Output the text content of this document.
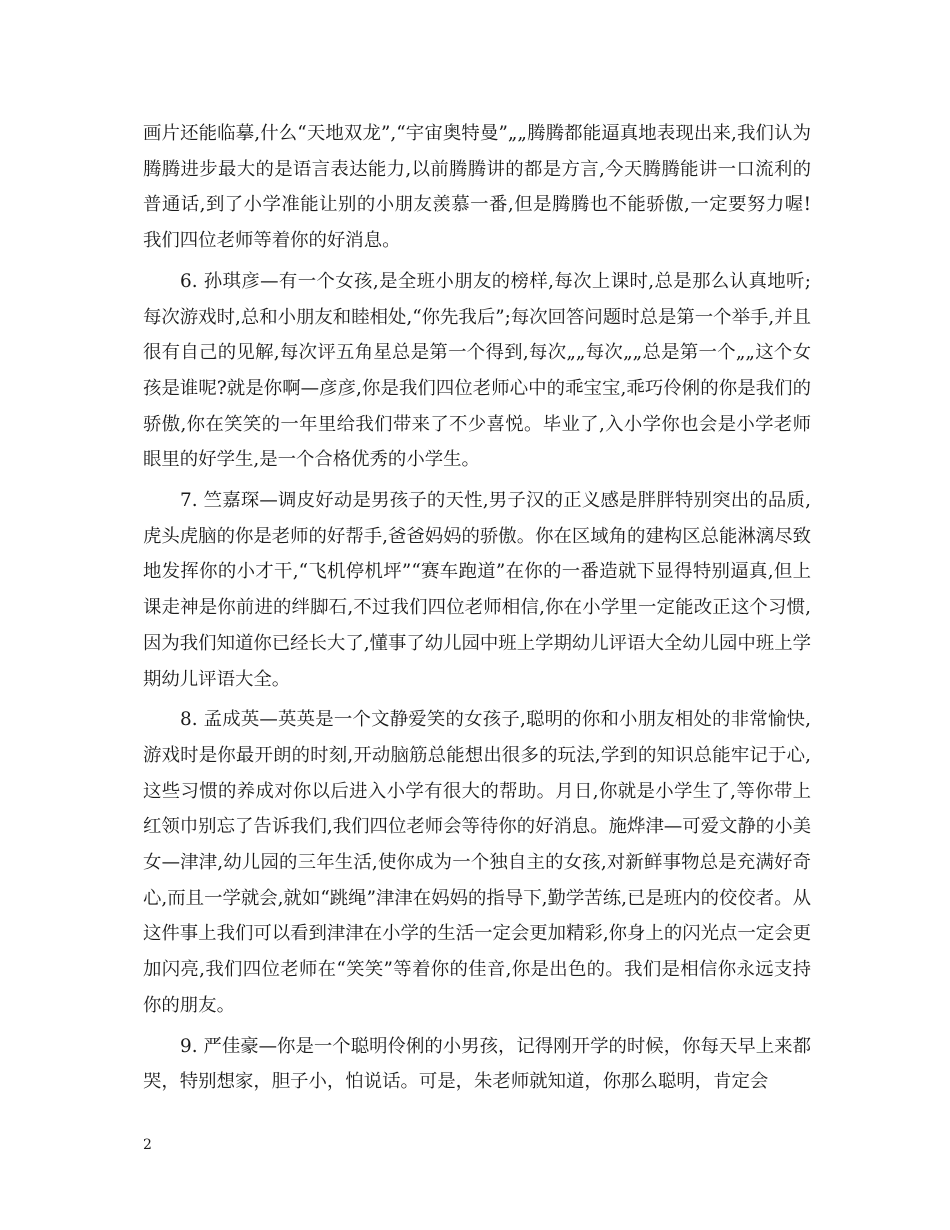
画片还能临摹,什么“天地双龙”,“宇宙奥特曼”„„腾腾都能逼真地表现出来,我们认为腾腾进步最大的是语言表达能力,以前腾腾讲的都是方言,今天腾腾能讲一口流利的普通话,到了小学准能让别的小朋友羡慕一番,但是腾腾也不能骄傲,一定要努力喔!我们四位老师等着你的好消息。

6. 孙琪彦—有一个女孩,是全班小朋友的榜样,每次上课时,总是那么认真地听;每次游戏时,总和小朋友和睦相处,“你先我后”;每次回答问题时总是第一个举手,并且很有自己的见解,每次评五角星总是第一个得到,每次„„每次„„总是第一个„„这个女孩是谁呢?就是你啊—彦彦,你是我们四位老师心中的乖宝宝,乖巧伶俐的你是我们的骄傲,你在笑笑的一年里给我们带来了不少喜悦。毕业了,入小学你也会是小学老师眼里的好学生,是一个合格优秀的小学生。

7. 竺嘉琛—调皮好动是男孩子的天性,男子汉的正义感是胖胖特别突出的品质,虎头虎脑的你是老师的好帮手,爸爸妈妈的骄傲。你在区域角的建构区总能淋漓尽致地发挥你的小才干,“飞机停机坪”“赛车跑道”在你的一番造就下显得特别逼真,但上课走神是你前进的绊脚石,不过我们四位老师相信,你在小学里一定能改正这个习惯,因为我们知道你已经长大了,懂事了幼儿园中班上学期幼儿评语大全幼儿园中班上学期幼儿评语大全。

8. 孟成英—英英是一个文静爱笑的女孩子,聪明的你和小朋友相处的非常愉快,游戏时是你最开朗的时刻,开动脑筋总能想出很多的玩法,学到的知识总能牢记于心,这些习惯的养成对你以后进入小学有很大的帮助。月日,你就是小学生了,等你带上红领巾别忘了告诉我们,我们四位老师会等待你的好消息。施烨津—可爱文静的小美女—津津,幼儿园的三年生活,使你成为一个独自主的女孩,对新鲜事物总是充满好奇心,而且一学就会,就如“跳绳”津津在妈妈的指导下,勤学苦练,已是班内的佼佼者。从这件事上我们可以看到津津在小学的生活一定会更加精彩,你身上的闪光点一定会更加闪亮,我们四位老师在“笑笑”等着你的佳音,你是出色的。我们是相信你永远支持你的朋友。

9. 严佳豪—你是一个聪明伶俐的小男孩，记得刚开学的时候，你每天早上来都哭，特别想家，胆子小，怕说话。可是，朱老师就知道，你那么聪明，肯定会

2
